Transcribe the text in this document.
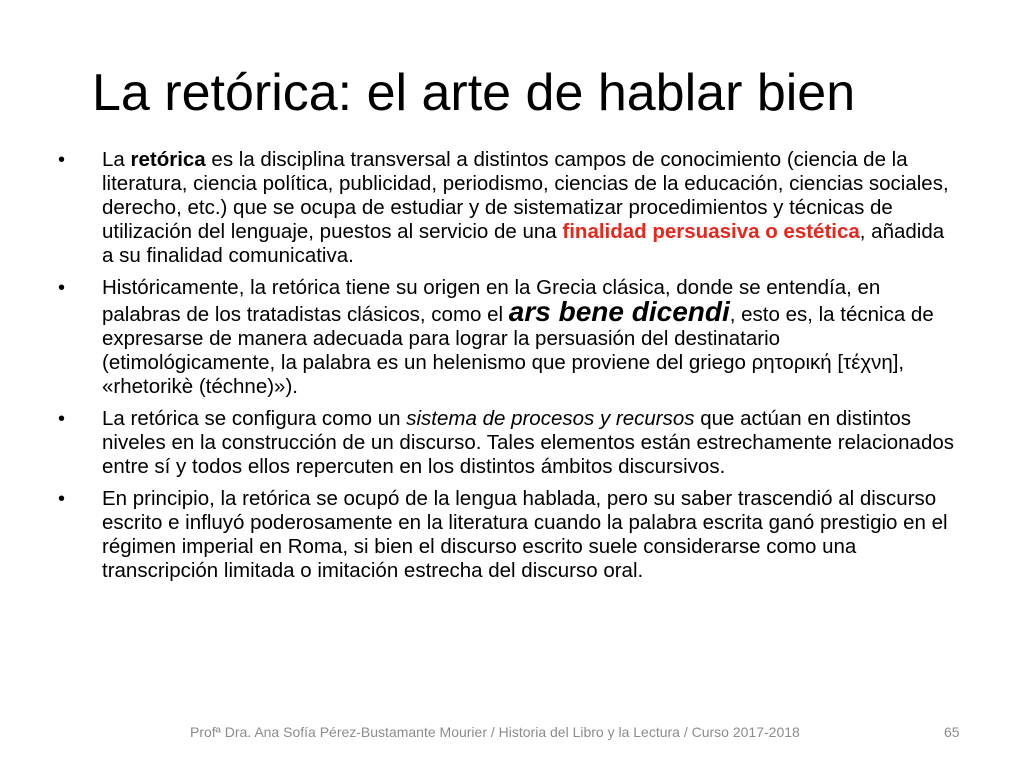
La retórica: el arte de hablar bien
•	La retórica es la disciplina transversal a distintos campos de conocimiento (ciencia de la literatura, ciencia política, publicidad, periodismo, ciencias de la educación, ciencias sociales, derecho, etc.) que se ocupa de estudiar y de sistematizar procedimientos y técnicas de utilización del lenguaje, puestos al servicio de una finalidad persuasiva o estética, añadida a su finalidad comunicativa.
•	Históricamente, la retórica tiene su origen en la Grecia clásica, donde se entendía, en palabras de los tratadistas clásicos, como el ars bene dicendi, esto es, la técnica de expresarse de manera adecuada para lograr la persuasión del destinatario (etimológicamente, la palabra es un helenismo que proviene del griego ρητορική [τέχνη], «rhetorikè (téchne)»).
•	La retórica se configura como un sistema de procesos y recursos que actúan en distintos niveles en la construcción de un discurso. Tales elementos están estrechamente relacionados entre sí y todos ellos repercuten en los distintos ámbitos discursivos.
•	En principio, la retórica se ocupó de la lengua hablada, pero su saber trascendió al discurso escrito e influyó poderosamente en la literatura cuando la palabra escrita ganó prestigio en el régimen imperial en Roma, si bien el discurso escrito suele considerarse como una transcripción limitada o imitación estrecha del discurso oral.
Profª Dra. Ana Sofía Pérez-Bustamante Mourier / Historia del Libro y la Lectura / Curso 2017-2018	65
